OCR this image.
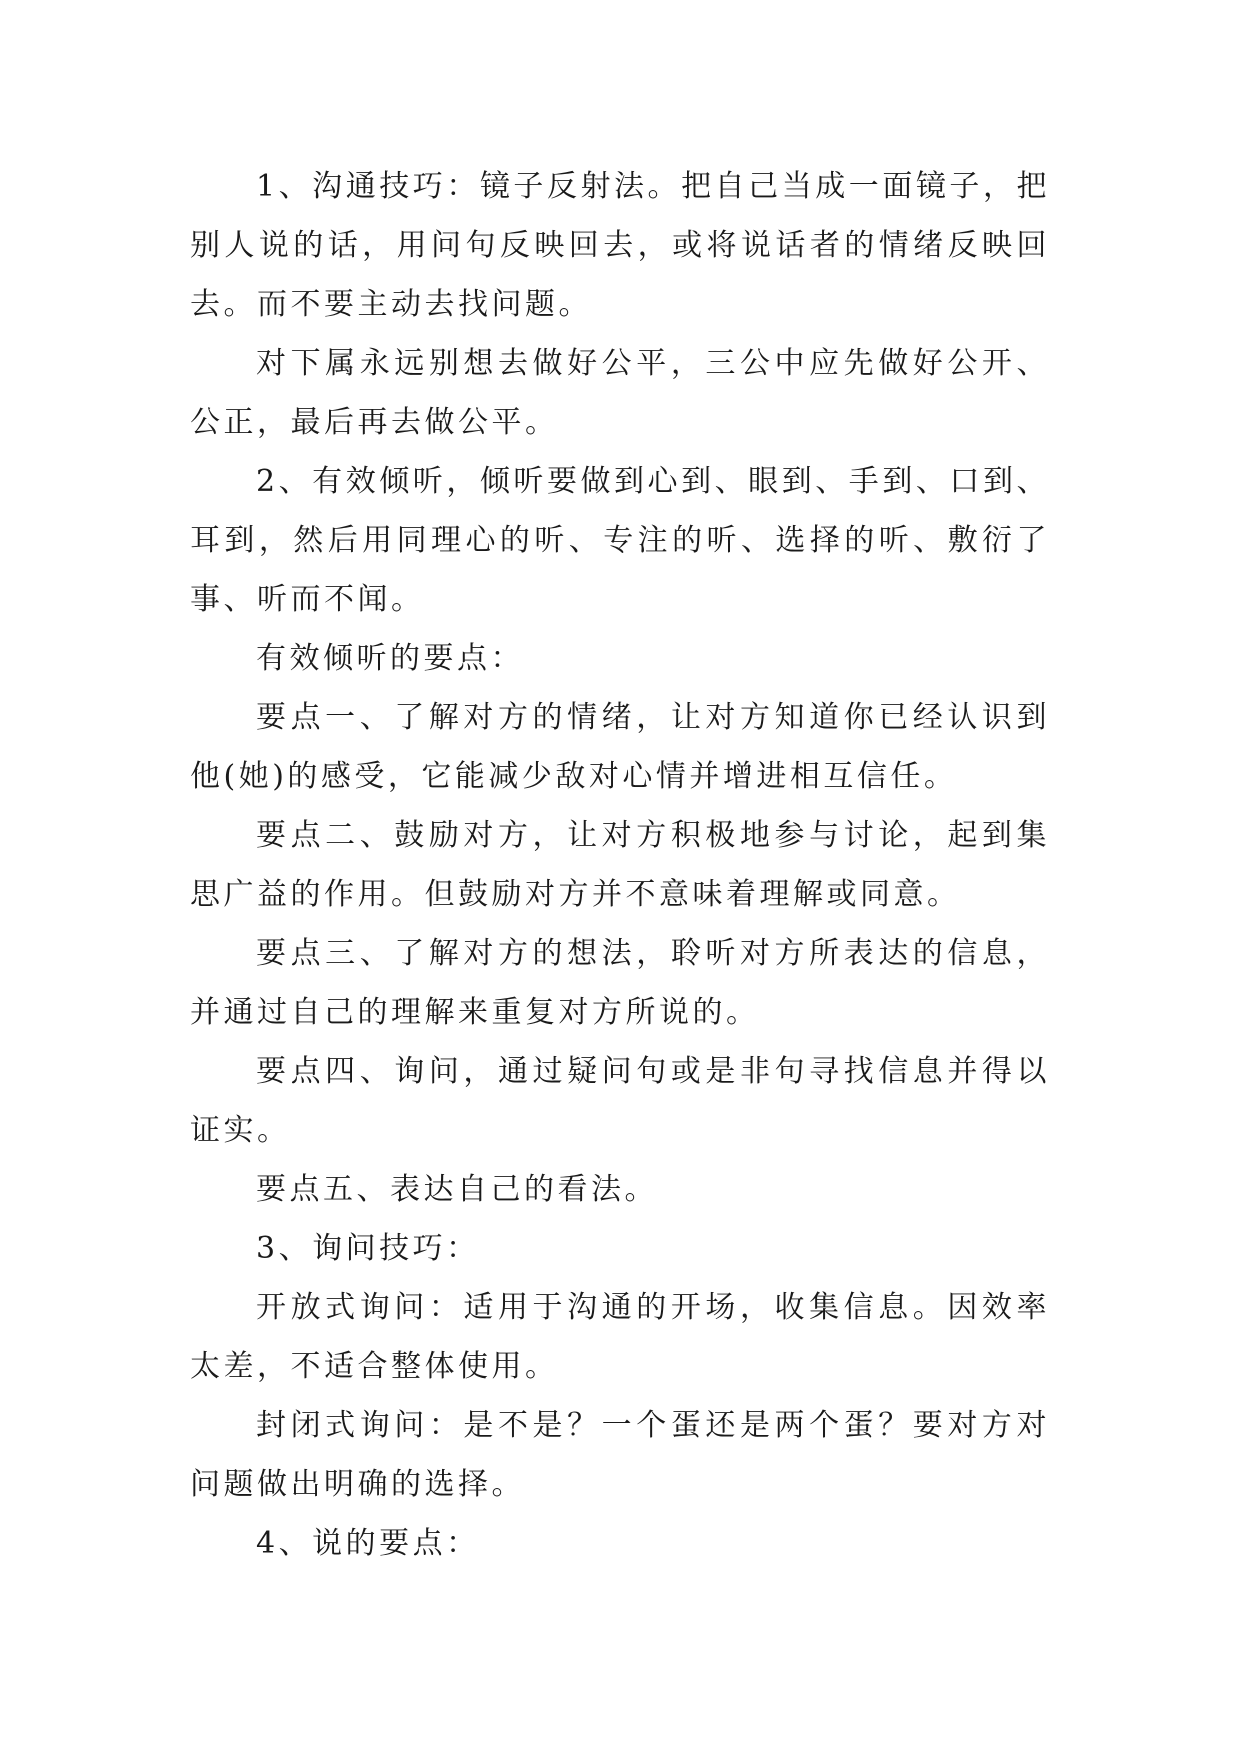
1、沟通技巧：镜子反射法。把自己当成一面镜子，把别人说的话，用问句反映回去，或将说话者的情绪反映回去。而不要主动去找问题。

对下属永远别想去做好公平，三公中应先做好公开、公正，最后再去做公平。

2、有效倾听，倾听要做到心到、眼到、手到、口到、耳到，然后用同理心的听、专注的听、选择的听、敷衍了事、听而不闻。

有效倾听的要点：

要点一、了解对方的情绪，让对方知道你已经认识到他(她)的感受，它能减少敌对心情并增进相互信任。

要点二、鼓励对方，让对方积极地参与讨论，起到集思广益的作用。但鼓励对方并不意味着理解或同意。

要点三、了解对方的想法，聆听对方所表达的信息，并通过自己的理解来重复对方所说的。

要点四、询问，通过疑问句或是非句寻找信息并得以证实。

要点五、表达自己的看法。

3、询问技巧：

开放式询问：适用于沟通的开场，收集信息。因效率太差，不适合整体使用。

封闭式询问：是不是？一个蛋还是两个蛋？要对方对问题做出明确的选择。

4、说的要点：
